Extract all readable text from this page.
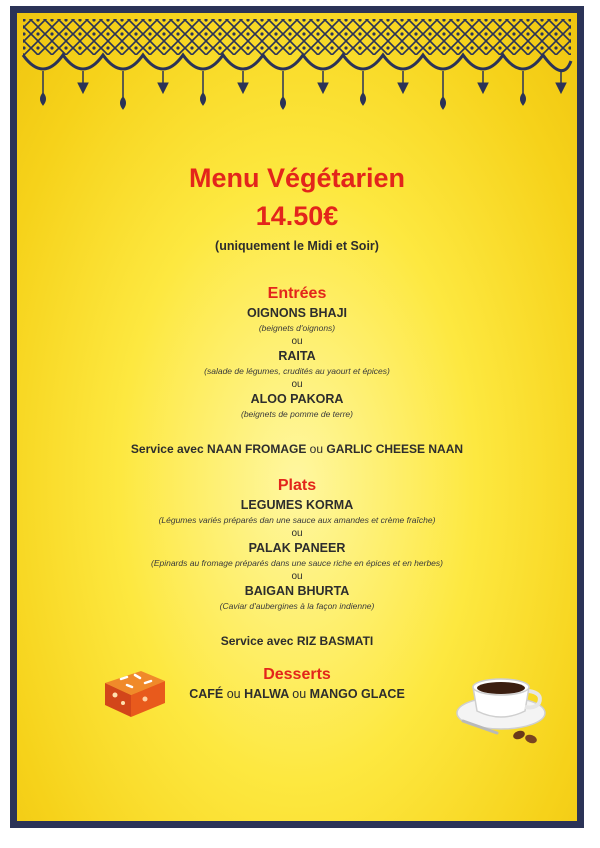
Menu Végétarien
14.50€
(uniquement le Midi et Soir)
Entrées
OIGNONS BHAJI
(beignets d'oignons)
ou
RAITA
(salade de légumes, crudités au yaourt et épices)
ou
ALOO PAKORA
(beignets de pomme de terre)
Service avec NAAN FROMAGE ou GARLIC CHEESE NAAN
Plats
LEGUMES KORMA
(Légumes variés préparés dan une sauce aux amandes et crème fraîche)
ou
PALAK PANEER
(Epinards au fromage préparés dans une sauce riche en épices et en herbes)
ou
BAIGAN BHURTA
(Caviar d'aubergines à la façon indienne)
Service avec RIZ BASMATI
Desserts
CAFÉ ou HALWA ou MANGO GLACE
